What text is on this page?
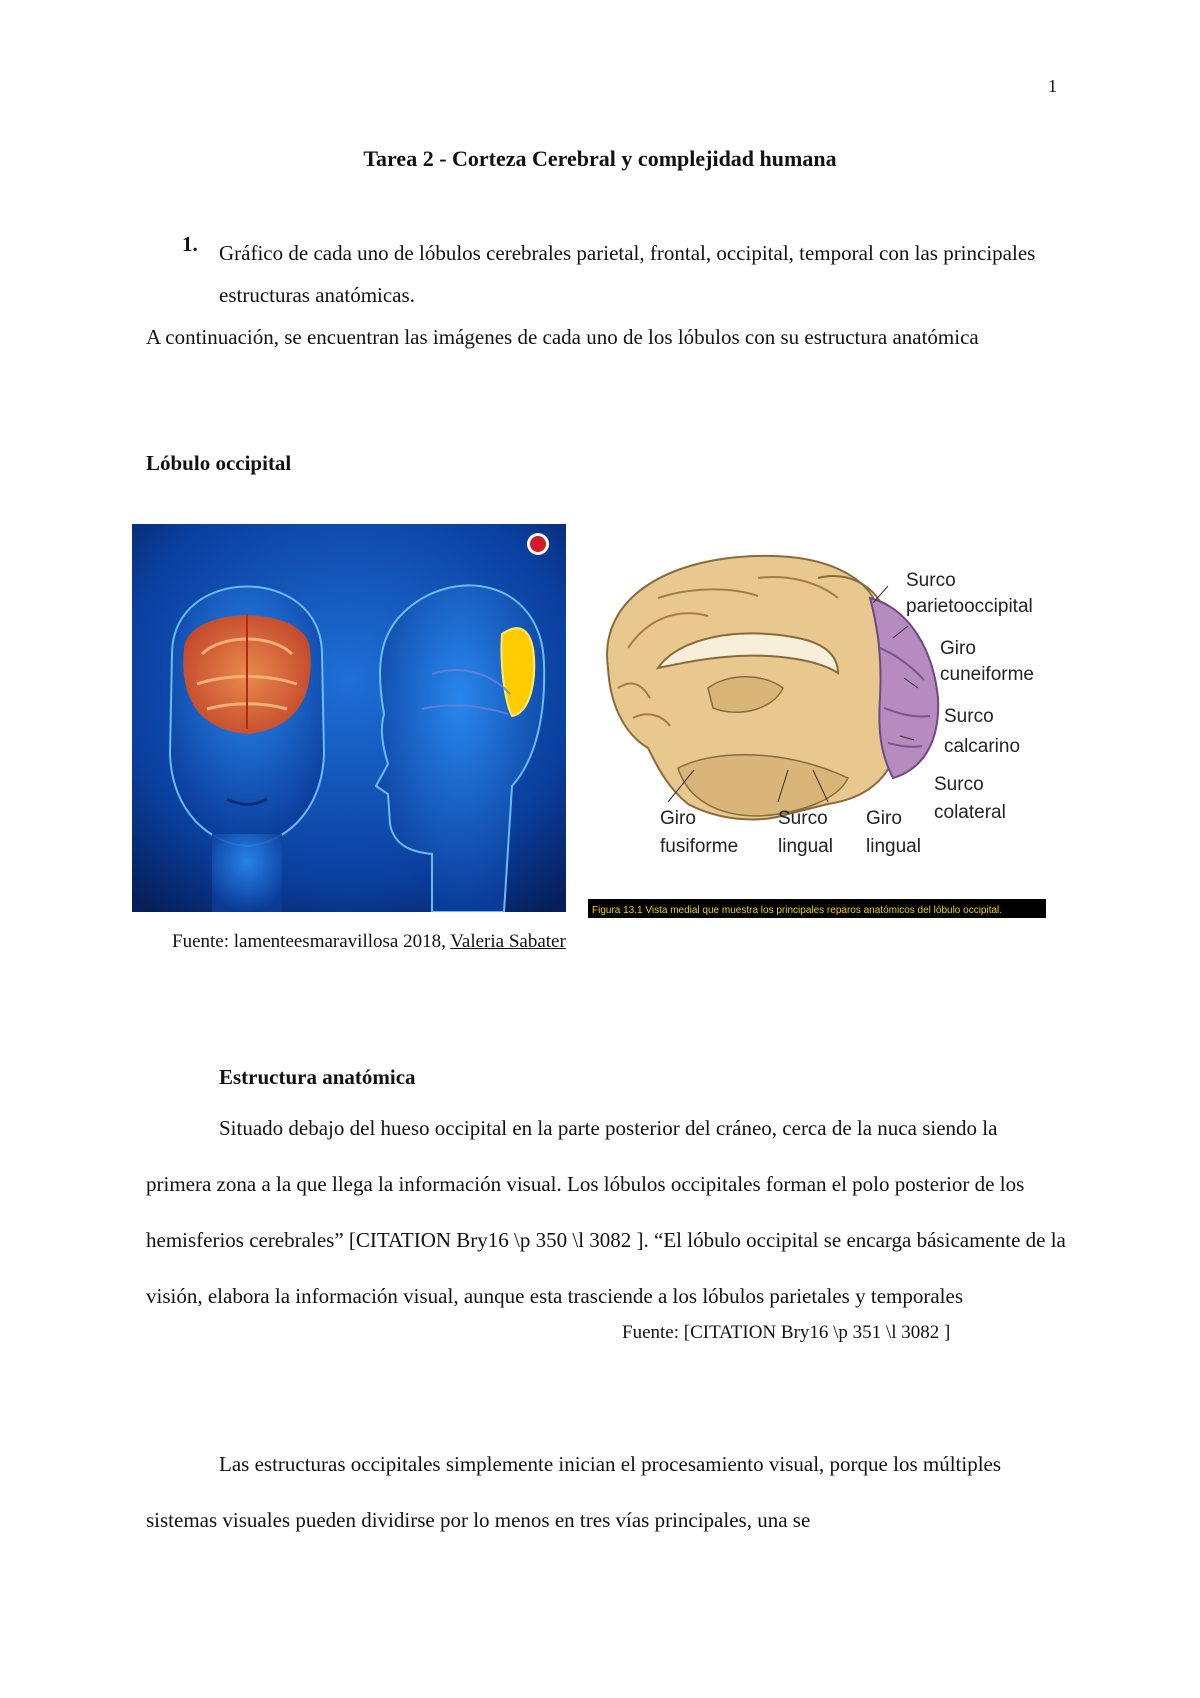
1
Tarea 2 - Corteza Cerebral y complejidad humana
1. Gráfico de cada uno de lóbulos cerebrales parietal, frontal, occipital, temporal con las principales estructuras anatómicas.
A continuación, se encuentran las imágenes de cada uno de los lóbulos con su estructura anatómica
Lóbulo occipital
Surco
parietooccipital
Giro
cuneiforme
Surco
calcarino
Surco
colateral
Giro
fusiforme
Surco
lingual
Giro
lingual
Figura 13.1 Vista medial que muestra los principales reparos anatómicos del lóbulo occipital.
Fuente: lamenteesmaravillosa 2018, Valeria Sabater
Estructura anatómica
Situado debajo del hueso occipital en la parte posterior del cráneo, cerca de la nuca siendo la primera zona a la que llega la información visual. Los lóbulos occipitales forman el polo posterior de los hemisferios cerebrales” [CITATION Bry16 \p 350 \l 3082 ]. “El lóbulo occipital se encarga básicamente de la visión, elabora la información visual, aunque esta trasciende a los lóbulos parietales y temporales
Fuente: [CITATION Bry16 \p 351 \l 3082 ]
Las estructuras occipitales simplemente inician el procesamiento visual, porque los múltiples sistemas visuales pueden dividirse por lo menos en tres vías principales, una se
